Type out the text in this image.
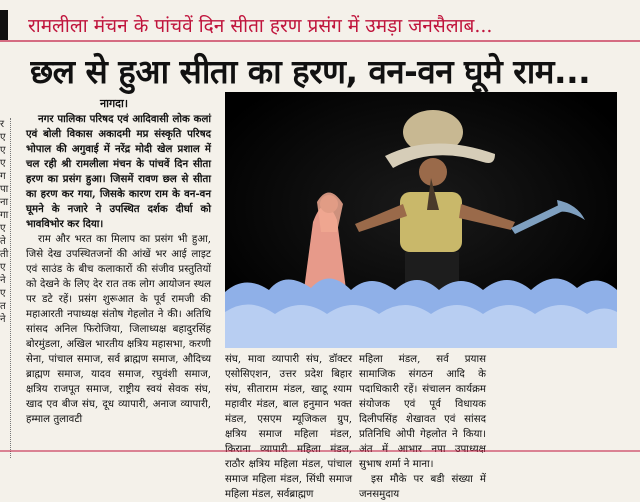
रामलीला मंचन के पांचवें दिन सीता हरण प्रसंग में उमड़ा जनसैलाब...
छल से हुआ सीता का हरण, वन-वन घूमे राम...
र
ए
ए
ए
ग
पा
ना
गा
ए
ते
ती
ए
ने
ए
त
ने
नागदा।

नगर पालिका परिषद एवं आदिवासी लोक कलां एवं बोली विकास अकादमी मप्र संस्कृति परिषद भोपाल की अगुवाई में नरेंद्र मोदी खेल प्रशाल में चल रही श्री रामलीला मंचन के पांचवें दिन सीता हरण का प्रसंग हुआ। जिसमें रावण छल से सीता का हरण कर गया, जिसके कारण राम के वन-वन घूमने के नजारे ने उपस्थित दर्शक दीर्घा को भावविभोर कर दिया।

राम और भरत का मिलाप का प्रसंग भी हुआ, जिसे देख उपस्थितजनों की आंखें भर आई लाइट एवं साउंड के बीच कलाकारों की संजीव प्रस्तुतियों को देखने के लिए देर रात तक लोग आयोजन स्थल पर डटे रहें। प्रसंग शुरूआत के पूर्व रामजी की महाआरती नपाध्यक्ष संतोष गेहलोत ने की। अतिथि सांसद अनिल फिरोजिया, जिलाध्यक्ष बहादुरसिंह बोरमुंडला, अखिल भारतीय क्षत्रिय महासभा, करणी सेना, पांचाल समाज, सर्व ब्राह्मण समाज, औदिच्य ब्राह्मण समाज, यादव समाज, रघुवंशी समाज, क्षत्रिय राजपूत समाज, राष्ट्रीय स्वयं सेवक संघ, खाद एव बीज संघ, दूध व्यापारी, अनाज व्यापारी, हम्माल तुलावटी

संघ, मावा व्यापारी संघ, डॉक्टर एसोसिएशन, उत्तर प्रदेश बिहार संघ, सीताराम मंडल, खाटू श्याम महावीर मंडल, बाल हनुमान भक्त मंडल, एसएम म्यूजिकल ग्रुप, क्षत्रिय समाज महिला मंडल, राठौर क्षत्रिय महिला मंडल, पांचाल समाज महिला मंडल, सिंधी समाज महिला मंडल, सर्वब्राह्मण
महिला मंडल, सर्व प्रयास सामाजिक संगठन आदि के पदाधिकारी रहें। संचालन कार्यक्रम संयोजक एवं पूर्व विधायक दिलीपसिंह शेखावत एवं सांसद प्रतिनिधि ओपी गेहलोत ने किया। सुभाष शर्मा ने माना।
इस मौके पर बडी संख्या में जनसमुदाय
